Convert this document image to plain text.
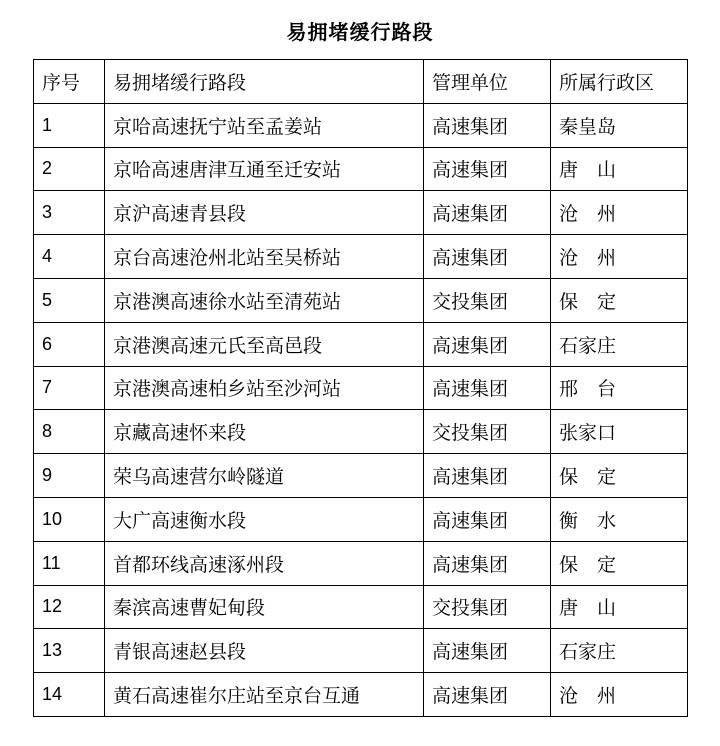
易拥堵缓行路段
序号	易拥堵缓行路段	管理单位	所属行政区
1	京哈高速抚宁站至孟姜站	高速集团	秦皇岛
2	京哈高速唐津互通至迁安站	高速集团	唐　山
3	京沪高速青县段	高速集团	沧　州
4	京台高速沧州北站至吴桥站	高速集团	沧　州
5	京港澳高速徐水站至清苑站	交投集团	保　定
6	京港澳高速元氏至高邑段	高速集团	石家庄
7	京港澳高速柏乡站至沙河站	高速集团	邢　台
8	京藏高速怀来段	交投集团	张家口
9	荣乌高速营尔岭隧道	高速集团	保　定
10	大广高速衡水段	高速集团	衡　水
11	首都环线高速涿州段	高速集团	保　定
12	秦滨高速曹妃甸段	交投集团	唐　山
13	青银高速赵县段	高速集团	石家庄
14	黄石高速崔尔庄站至京台互通	高速集团	沧　州
